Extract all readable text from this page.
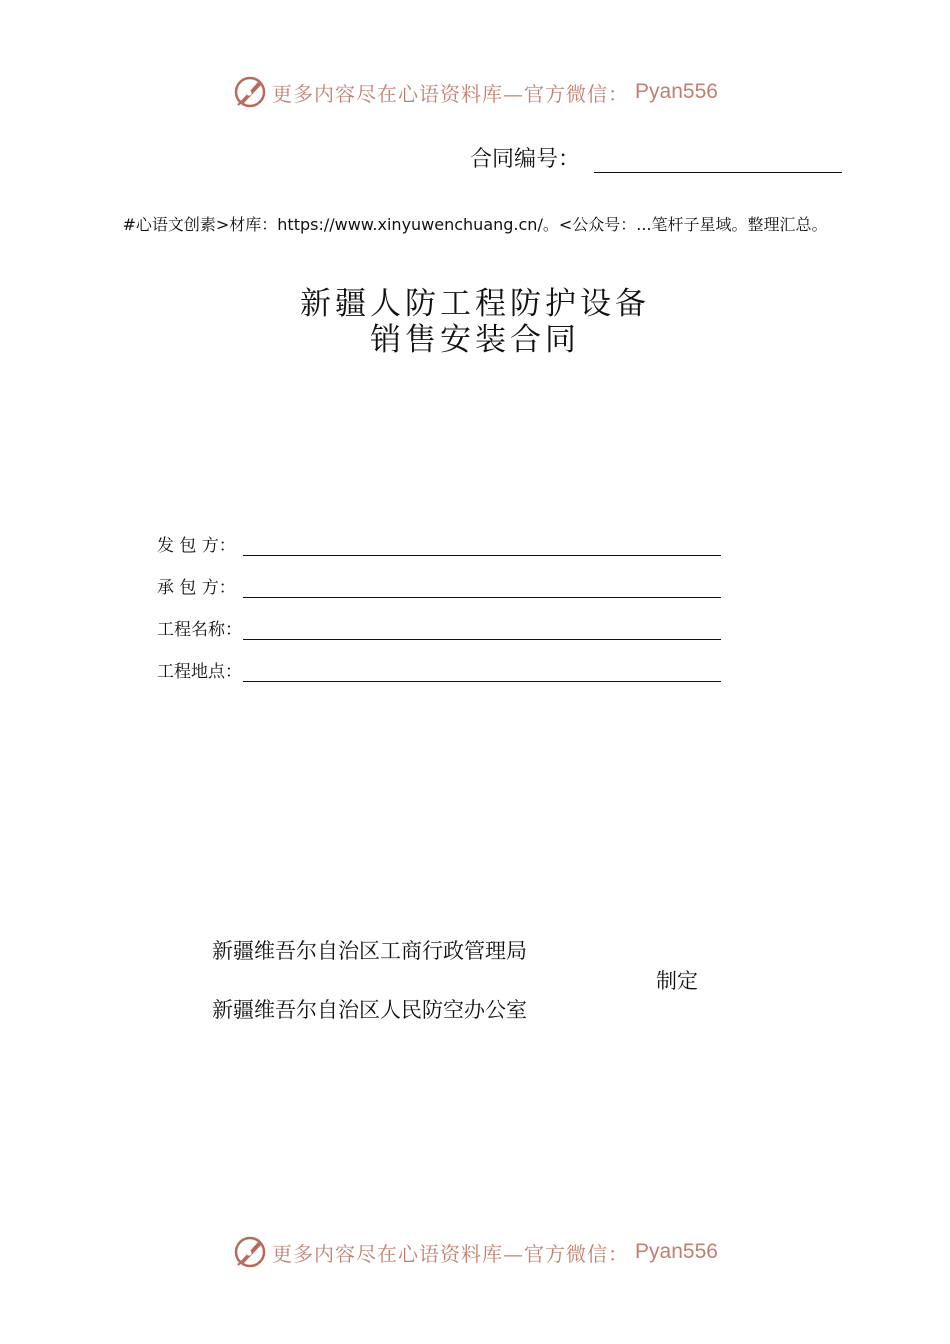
更多内容尽在心语资料库—官方微信： Pyan556
合同编号：
#心语文创素>材库：https://www.xinyuwenchuang.cn/。<公众号：...笔杆子星域。整理汇总。
新疆人防工程防护设备
销售安装合同
发 包 方：
承 包 方：
工程名称：
工程地点：
新疆维吾尔自治区工商行政管理局
新疆维吾尔自治区人民防空办公室
制定
更多内容尽在心语资料库—官方微信： Pyan556
